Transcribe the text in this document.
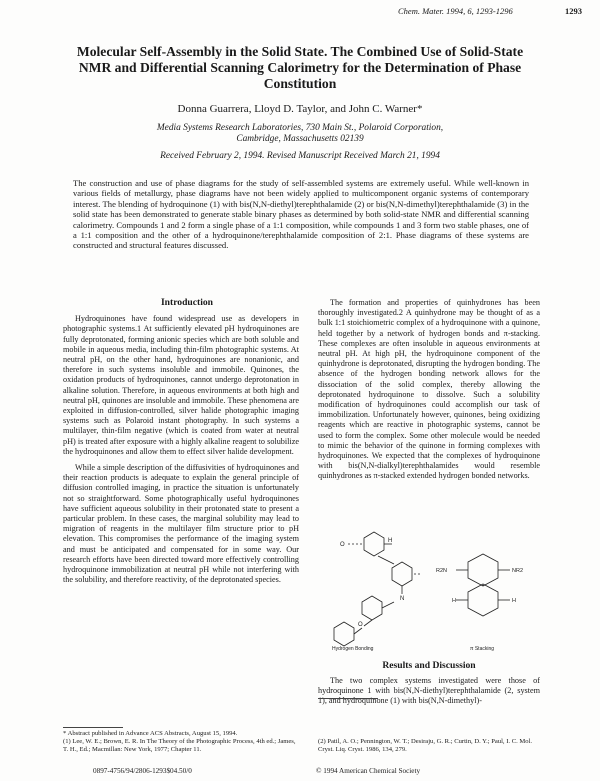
Chem. Mater. 1994, 6, 1293-1296	1293
Molecular Self-Assembly in the Solid State. The Combined Use of Solid-State NMR and Differential Scanning Calorimetry for the Determination of Phase Constitution
Donna Guarrera, Lloyd D. Taylor, and John C. Warner*
Media Systems Research Laboratories, 730 Main St., Polaroid Corporation,
Cambridge, Massachusetts 02139
Received February 2, 1994. Revised Manuscript Received March 21, 1994
The construction and use of phase diagrams for the study of self-assembled systems are extremely useful. While well-known in various fields of metallurgy, phase diagrams have not been widely applied to multicomponent organic systems of contemporary interest. The blending of hydroquinone (1) with bis(N,N-diethyl)terephthalamide (2) or bis(N,N-dimethyl)terephthalamide (3) in the solid state has been demonstrated to generate stable binary phases as determined by both solid-state NMR and differential scanning calorimetry. Compounds 1 and 2 form a single phase of a 1:1 composition, while compounds 1 and 3 form two stable phases, one of a 1:1 composition and the other of a hydroquinone/terephthalamide composition of 2:1. Phase diagrams of these systems are constructed and structural features discussed.

Introduction

Hydroquinones have found widespread use as developers in photographic systems.1 At sufficiently elevated pH hydroquinones are fully deprotonated, forming anionic species which are both soluble and mobile in aqueous media, including thin-film photographic systems. At neutral pH, on the other hand, hydroquinones are nonanionic, and therefore in such systems insoluble and immobile. Quinones, the oxidation products of hydroquinones, cannot undergo deprotonation in alkaline solution. Therefore, in aqueous environments at both high and neutral pH, quinones are insoluble and immobile. These phenomena are exploited in diffusion-controlled, silver halide photographic imaging systems such as Polaroid instant photography. In such systems a multilayer, thin-film negative (which is coated from water at neutral pH) is treated after exposure with a highly alkaline reagent to solubilize the hydroquinones and allow them to effect silver halide development.

While a simple description of the diffusivities of hydroquinones and their reaction products is adequate to explain the general principle of diffusion controlled imaging, in practice the situation is unfortunately not so straightforward. Some photographically useful hydroquinones have sufficient aqueous solubility in their protonated state to present a particular problem. In these cases, the marginal solubility may lead to migration of reagents in the multilayer film structure prior to pH elevation. This compromises the performance of the imaging system and must be anticipated and compensated for in some way. Our research efforts have been directed toward more effectively controlling hydroquinone immobilization at neutral pH while not interfering with the solubility, and therefore reactivity, of the deprotonated species.

The formation and properties of quinhydrones has been thoroughly investigated.2 A quinhydrone may be thought of as a bulk 1:1 stoichiometric complex of a hydroquinone with a quinone, held together by a network of hydrogen bonds and π-stacking. These complexes are often insoluble in aqueous environments at neutral pH. At high pH, the hydroquinone component of the quinhydrone is deprotonated, disrupting the hydrogen bonding. The absence of the hydrogen bonding network allows for the dissociation of the solid complex, thereby allowing the deprotonated hydroquinone to dissolve. Such a solubility modification of hydroquinones could accomplish our task of immobilization. Unfortunately however, quinones, being oxidizing reagents which are reactive in photographic systems, cannot be used to form the complex. Some other molecule would be needed to mimic the behavior of the quinone in forming complexes with hydroquinones. We expected that the complexes of hydroquinone with bis(N,N-dialkyl)terephthalamides would resemble quinhydrones as π-stacked extended hydrogen bonded networks.

O
H
N
O
R2N	NR2
H	H
Hydrogen Bonding	π Stacking
Results and Discussion

The two complex systems investigated were those of hydroquinone 1 with bis(N,N-diethyl)terephthalamide (2, system 1), and hydroquinone (1) with bis(N,N-dimethyl)-

* Abstract published in Advance ACS Abstracts, August 15, 1994.

(1) Lee, W. E.; Brown, E. R. In The Theory of the Photographic Process, 4th ed.; James, T. H., Ed.; Macmillan: New York, 1977; Chapter 11.

(2) Patil, A. O.; Pennington, W. T.; Desiraju, G. R.; Curtin, D. Y.; Paul, I. C. Mol. Cryst. Liq. Cryst. 1986, 134, 279.

0897-4756/94/2806-1293$04.50/0	© 1994 American Chemical Society
